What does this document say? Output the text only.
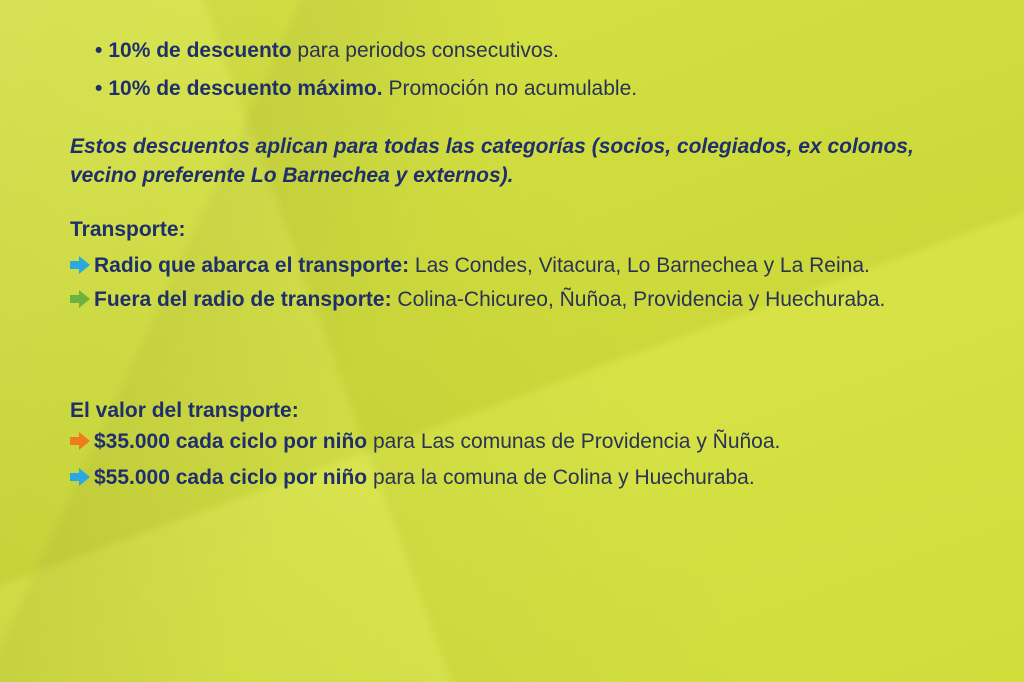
• 10% de descuento para periodos consecutivos.
• 10% de descuento máximo. Promoción no acumulable.
Estos descuentos aplican para todas las categorías (socios, colegiados, ex colonos, vecino preferente Lo Barnechea y externos).
Transporte:
Radio que abarca el transporte: Las Condes, Vitacura, Lo Barnechea y La Reina.
Fuera del radio de transporte: Colina-Chicureo, Ñuñoa, Providencia y Huechuraba.
El valor del transporte:
$35.000 cada ciclo por niño para Las comunas de Providencia y Ñuñoa.
$55.000 cada ciclo por niño para la comuna de Colina y Huechuraba.
